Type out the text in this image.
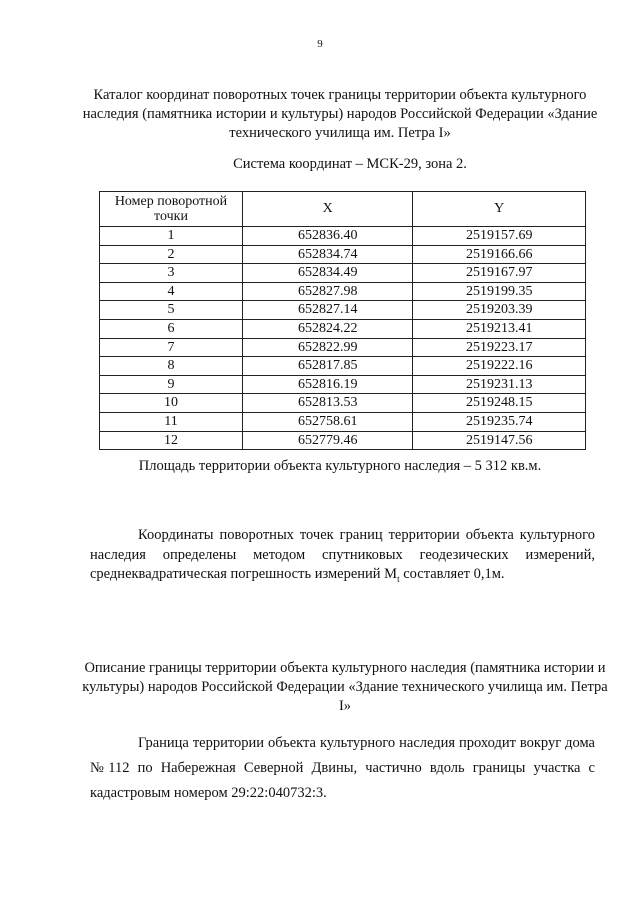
9
Каталог координат поворотных точек границы территории объекта культурного наследия (памятника истории и культуры) народов Российской Федерации «Здание технического училища им. Петра I»
Система координат – МСК-29, зона 2.
Номер поворотной точки	X	Y
1	652836.40	2519157.69
2	652834.74	2519166.66
3	652834.49	2519167.97
4	652827.98	2519199.35
5	652827.14	2519203.39
6	652824.22	2519213.41
7	652822.99	2519223.17
8	652817.85	2519222.16
9	652816.19	2519231.13
10	652813.53	2519248.15
11	652758.61	2519235.74
12	652779.46	2519147.56
Площадь территории объекта культурного наследия – 5 312 кв.м.
Координаты поворотных точек границ территории объекта культурного наследия определены методом спутниковых геодезических измерений, среднеквадратическая погрешность измерений $M_t$ составляет 0,1м.
Описание границы территории объекта культурного наследия (памятника истории и культуры) народов Российской Федерации «Здание технического училища им. Петра I»
Граница территории объекта культурного наследия проходит вокруг дома №112 по Набережная Северной Двины, частично вдоль границы участка с кадастровым номером 29:22:040732:3.
